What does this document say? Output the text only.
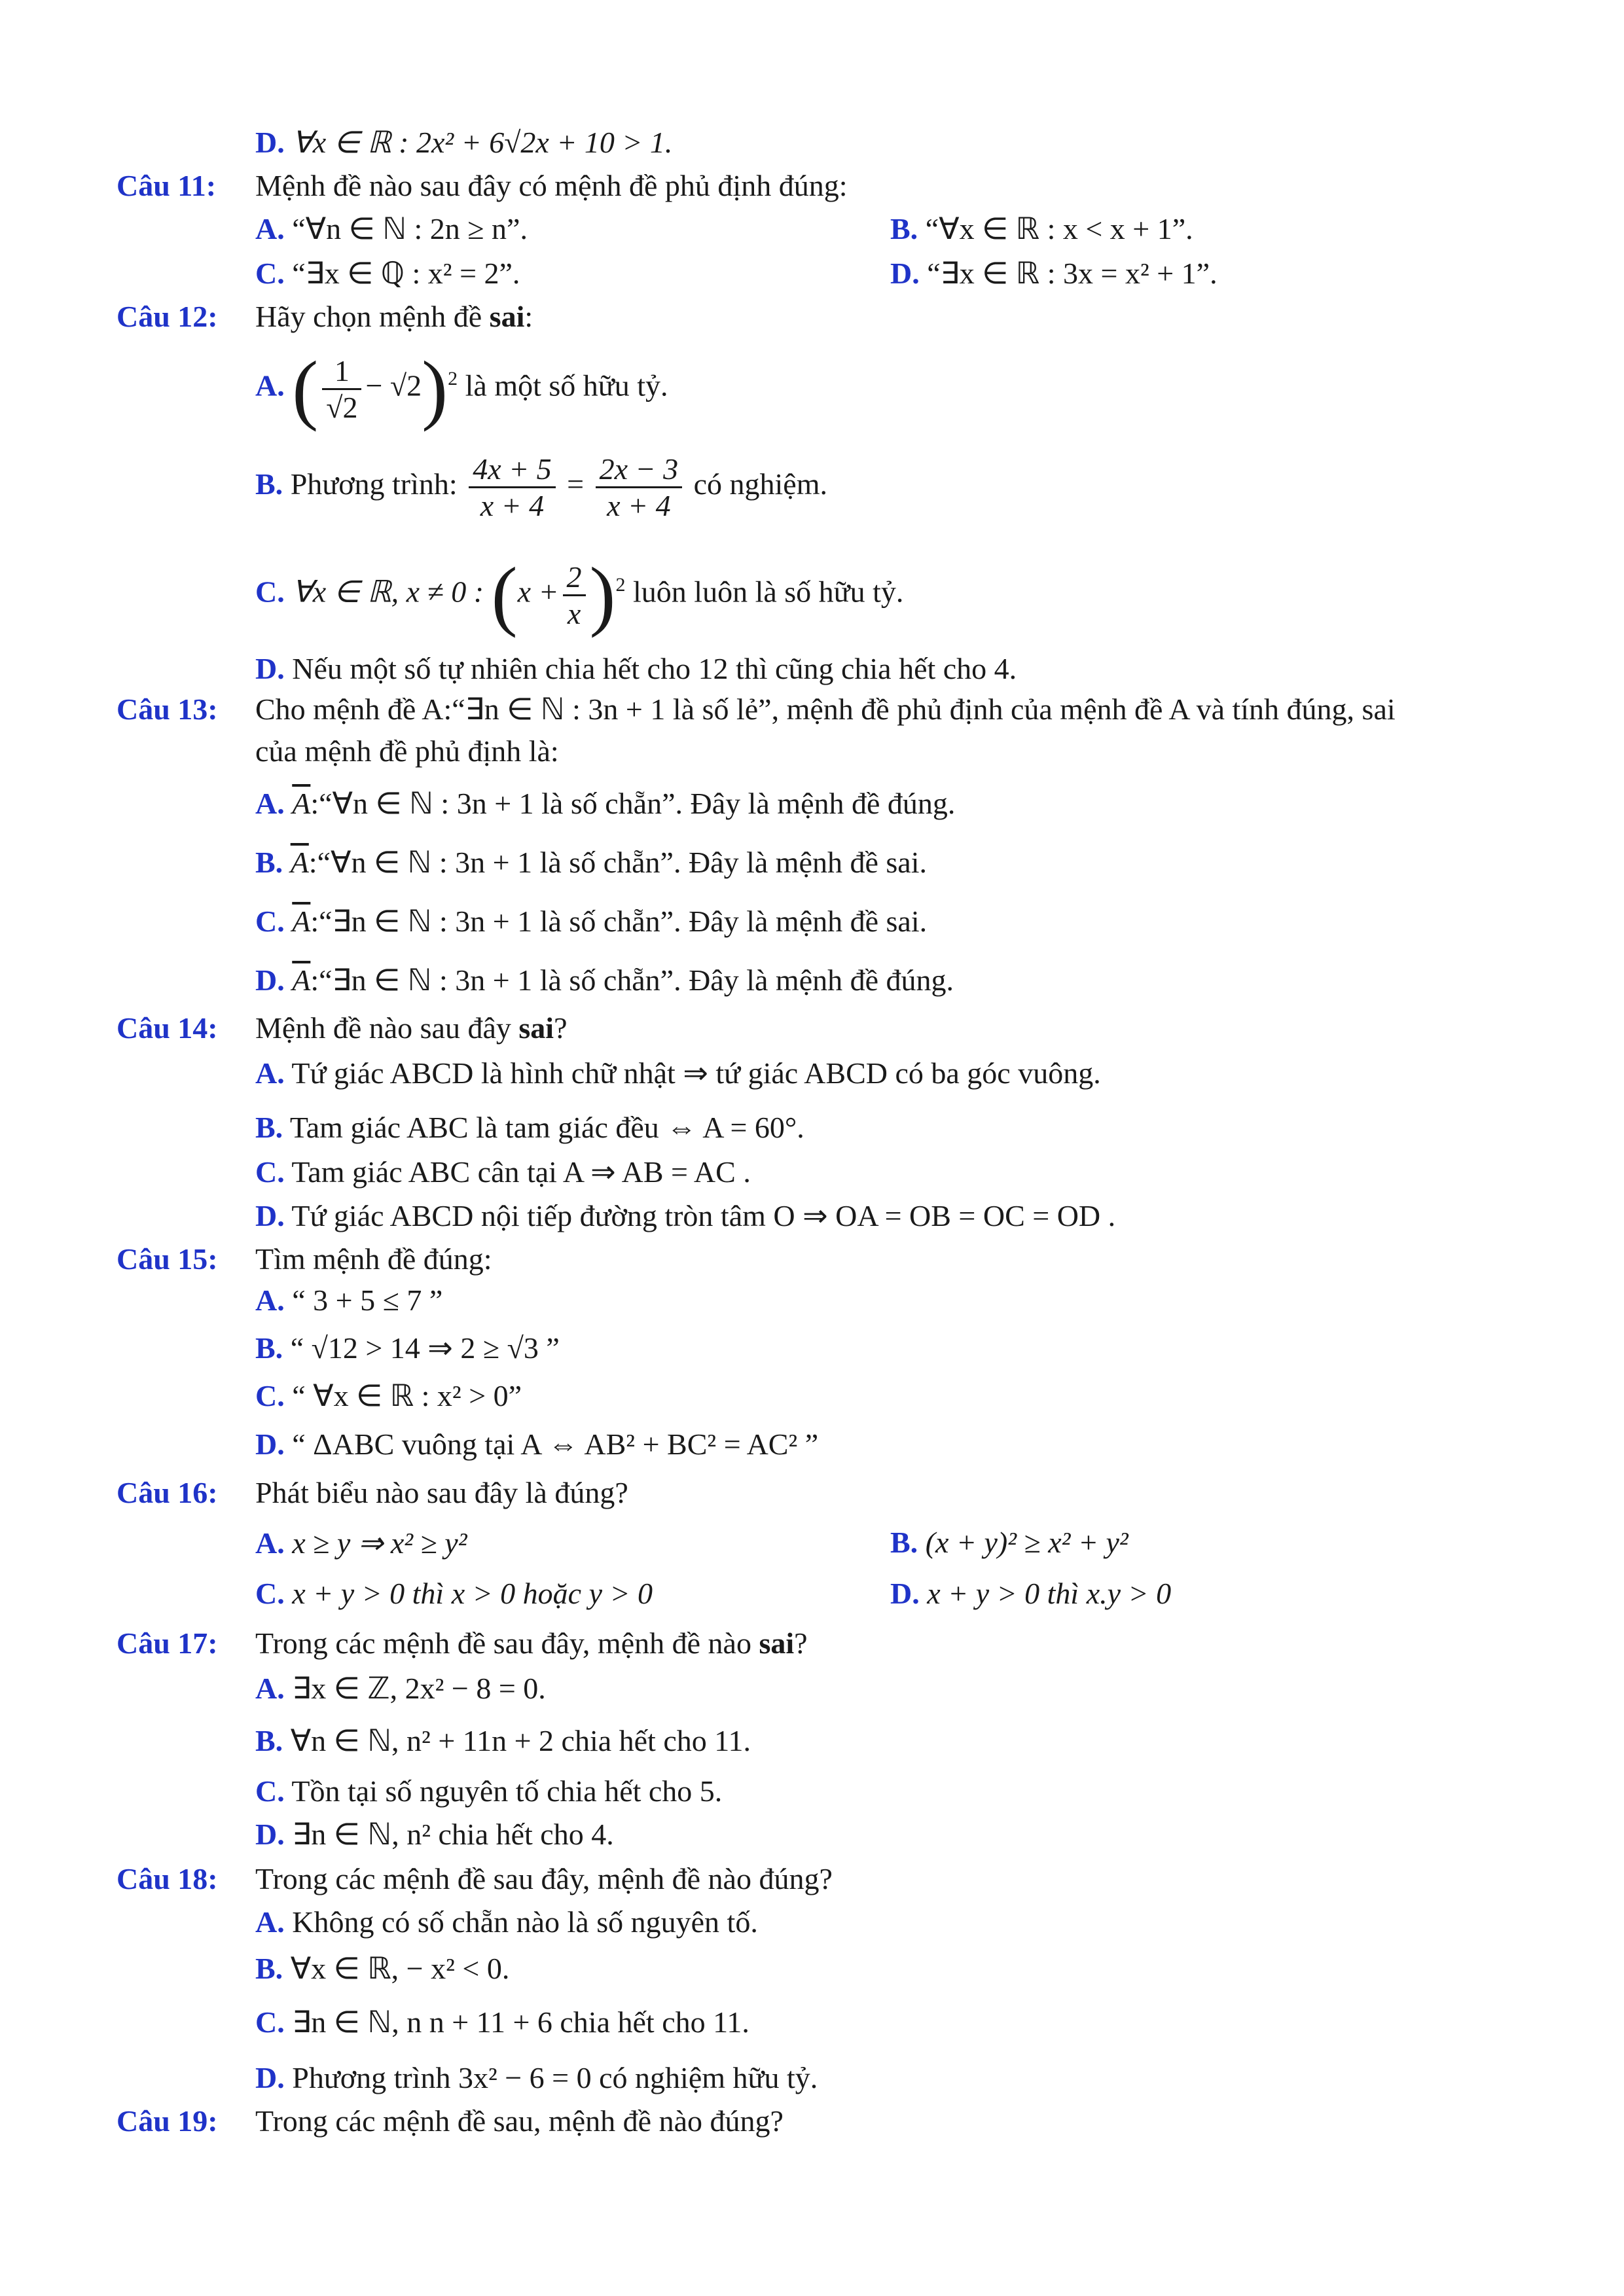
D. ∀x ∈ ℝ : 2x² + 6√2x + 10 > 1.
Câu 11: Mệnh đề nào sau đây có mệnh đề phủ định đúng:
A. “∀n ∈ ℕ : 2n ≥ n”.	B. “∀x ∈ ℝ : x < x + 1”.
C. “∃x ∈ ℚ : x² = 2”.	D. “∃x ∈ ℝ : 3x = x² + 1”.
Câu 12: Hãy chọn mệnh đề sai:
A. ( $\frac{1}{√2} - √2)^2$ là một số hữu tỷ.
B. Phương trình: $\frac{4x + 5}{x + 4} = \frac{2x - 3}{x + 4}$ có nghiệm.
C. ∀x ∈ ℝ, x ≠ 0 : $(x + \frac{2}{x} )^2$ luôn luôn là số hữu tỷ.
D. Nếu một số tự nhiên chia hết cho 12 thì cũng chia hết cho 4.
Câu 13: Cho mệnh đề A:“∃n ∈ ℕ : 3n + 1 là số lẻ”, mệnh đề phủ định của mệnh đề A và tính đúng, sai
của mệnh đề phủ định là:
A. $\overline{A}:“\forall n$ ∈ ℕ : 3n + 1 là số chẵn”. Đây là mệnh đề đúng.
B. $\overline{A}:“\forall n$ ∈ ℕ : 3n + 1 là số chẵn”. Đây là mệnh đề sai.
C. $\overline{A}:“\exists n$ ∈ ℕ : 3n + 1 là số chẵn”. Đây là mệnh đề sai.
D. $\overline{A}:“\exists n$ ∈ ℕ : 3n + 1 là số chẵn”. Đây là mệnh đề đúng.
Câu 14: Mệnh đề nào sau đây sai?
A. Tứ giác ABCD là hình chữ nhật ⇒ tứ giác ABCD có ba góc vuông.
B. Tam giác ABC là tam giác đều ⇔ A = 60°.
C. Tam giác ABC cân tại A ⇒ AB = AC .
D. Tứ giác ABCD nội tiếp đường tròn tâm O ⇒ OA = OB = OC = OD .
Câu 15: Tìm mệnh đề đúng:
A. “ 3 + 5 ≤ 7 ”
B. “ √12 > 14 ⇒ 2 ≥ √3 ”
C. “ ∀x ∈ ℝ : x² > 0”
D. “ ΔABC vuông tại A ⇔ AB² + BC² = AC² ”
Câu 16: Phát biểu nào sau đây là đúng?
A. x ≥ y ⇒ x² ≥ y²	B. (x + y)² ≥ x² + y²
C. x + y > 0 thì x > 0 hoặc y > 0	D. x + y > 0 thì x.y > 0
Câu 17: Trong các mệnh đề sau đây, mệnh đề nào sai?
A. ∃x ∈ ℤ, 2x² − 8 = 0.
B. ∀n ∈ ℕ, n² + 11n + 2 chia hết cho 11.
C. Tồn tại số nguyên tố chia hết cho 5.
D. ∃n ∈ ℕ, n² chia hết cho 4.
Câu 18: Trong các mệnh đề sau đây, mệnh đề nào đúng?
A. Không có số chẵn nào là số nguyên tố.
B. ∀x ∈ ℝ, − x² < 0.
C. ∃n ∈ ℕ, n n + 11 + 6 chia hết cho 11.
D. Phương trình 3x² − 6 = 0 có nghiệm hữu tỷ.
Câu 19: Trong các mệnh đề sau, mệnh đề nào đúng?
